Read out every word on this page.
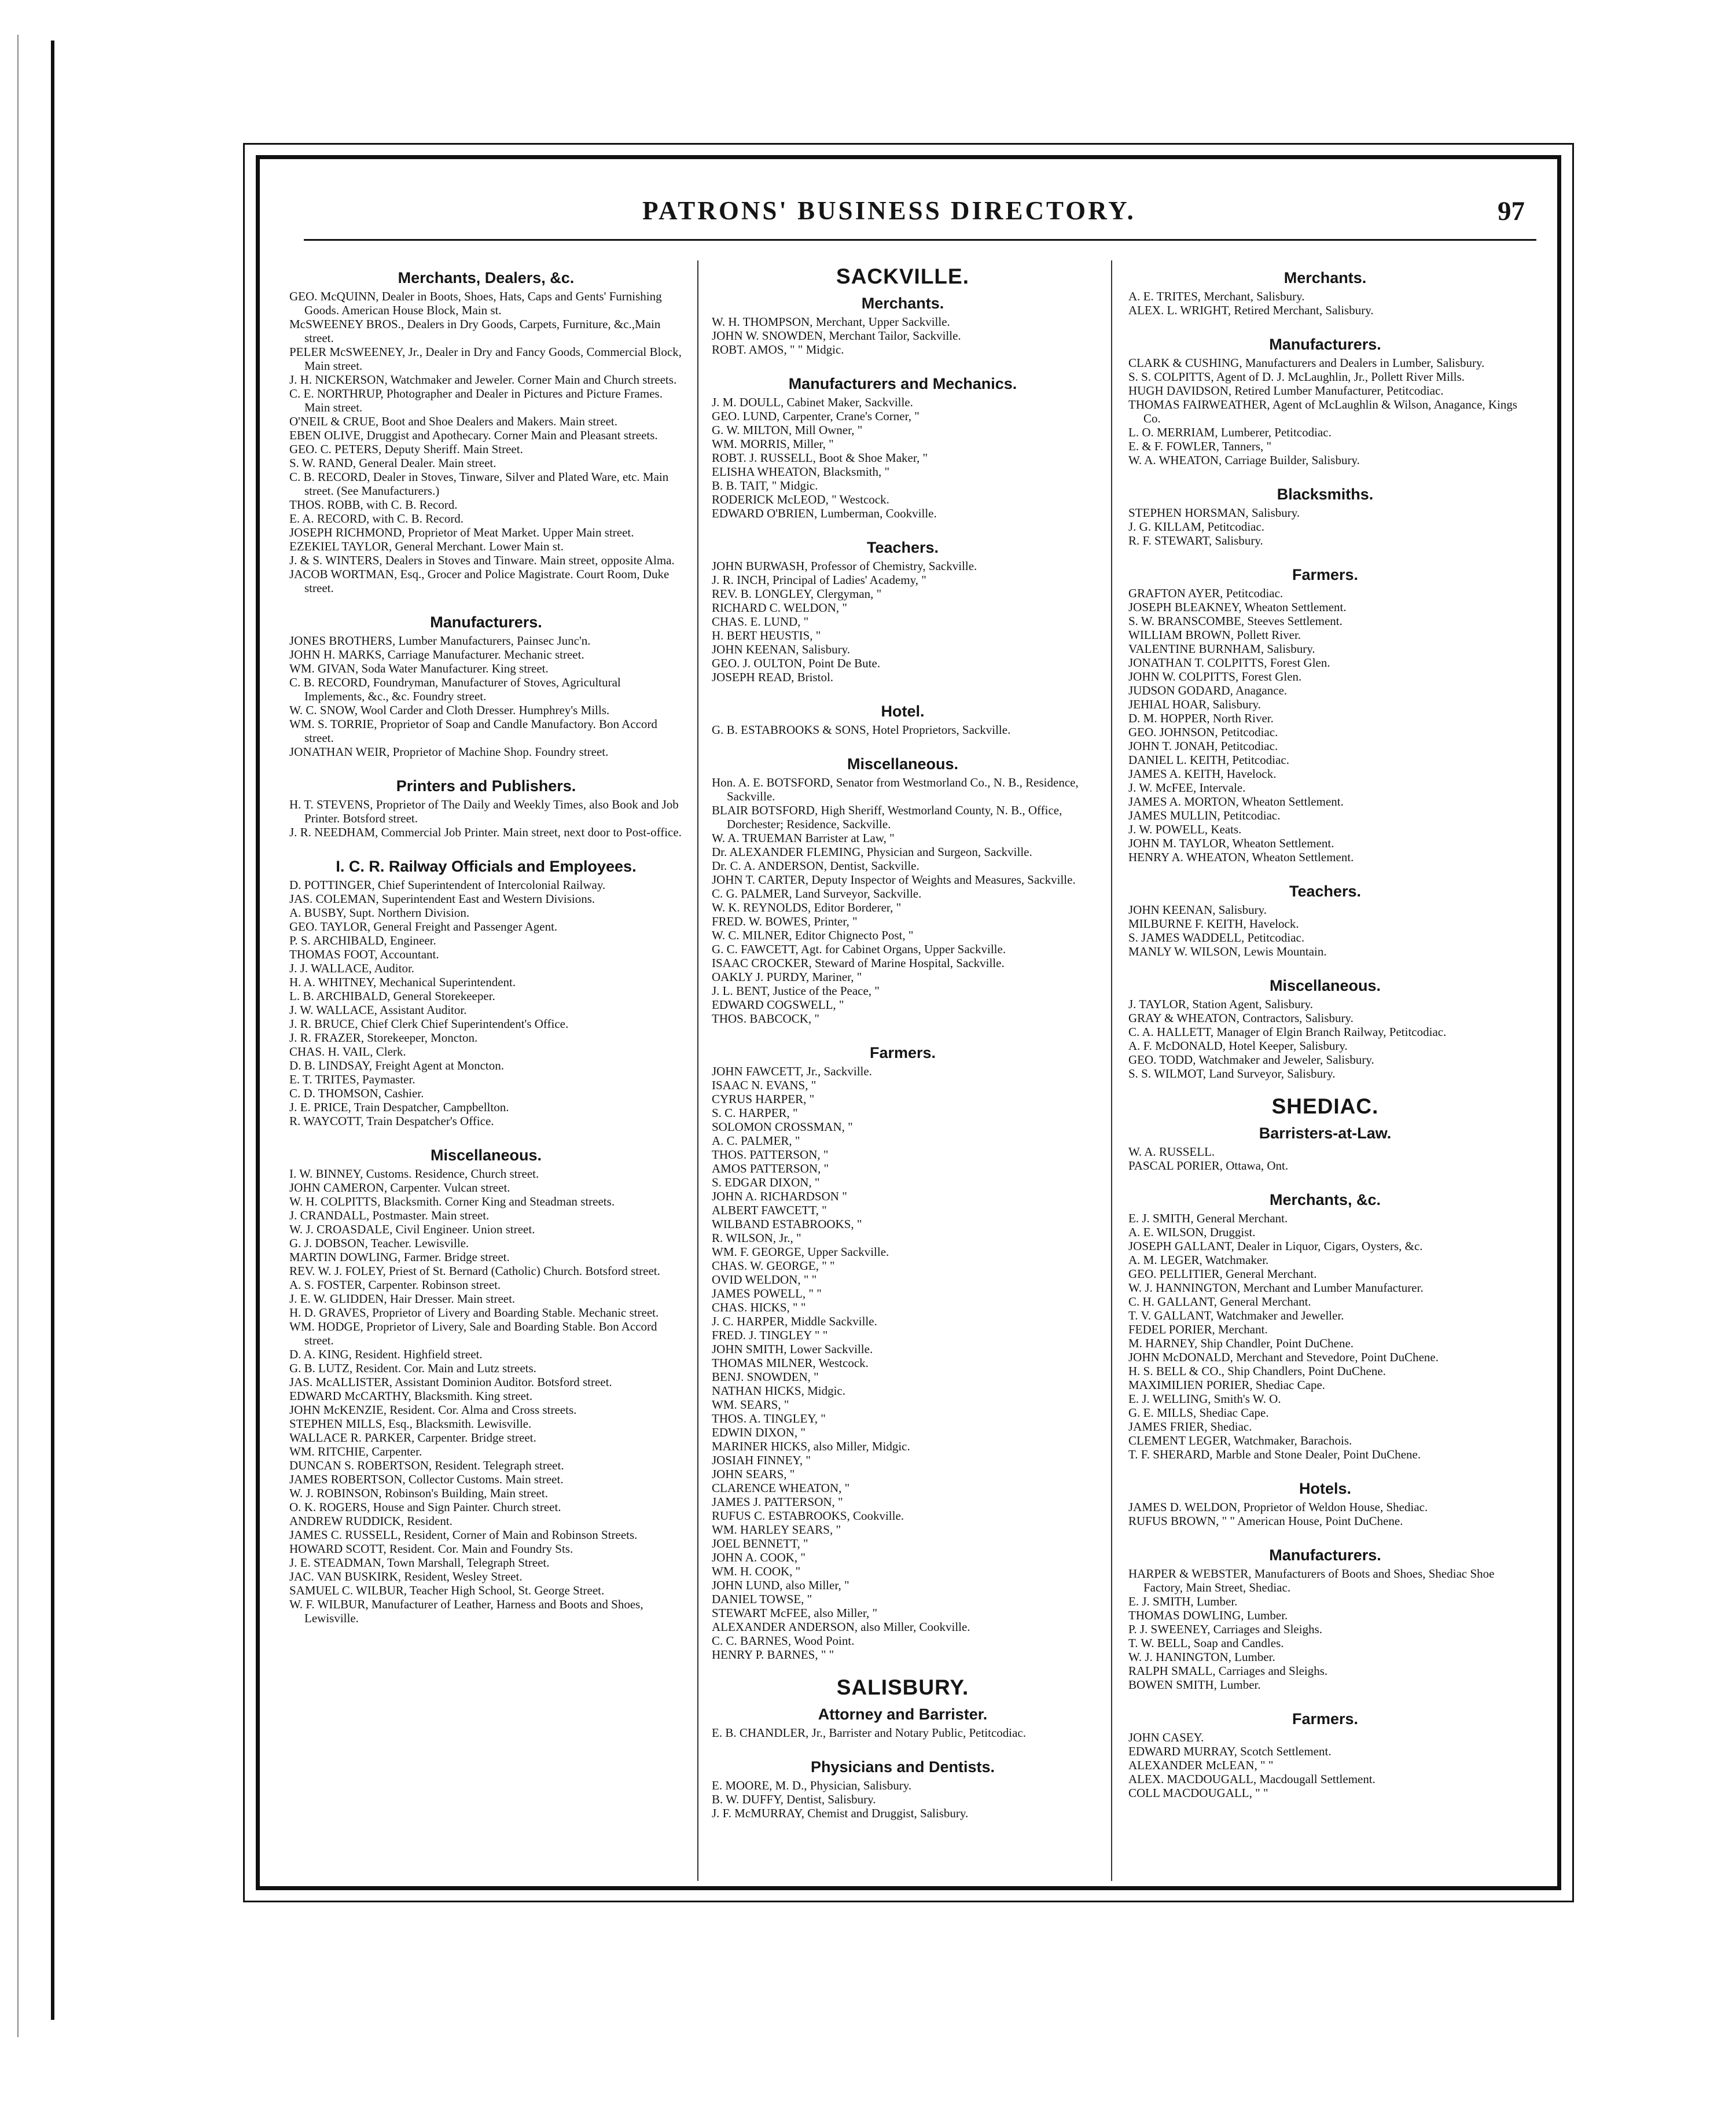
PATRONS' BUSINESS DIRECTORY.	97
Merchants, Dealers, &c.
GEO. McQUINN, Dealer in Boots, Shoes, Hats, Caps and Gents' Furnishing Goods. American House Block, Main st.
McSWEENEY BROS., Dealers in Dry Goods, Carpets, Furniture, &c.,Main street.
PELER McSWEENEY, Jr., Dealer in Dry and Fancy Goods, Commercial Block, Main street.
J. H. NICKERSON, Watchmaker and Jeweler. Corner Main and Church streets.
C. E. NORTHRUP, Photographer and Dealer in Pictures and Picture Frames. Main street.
O'NEIL & CRUE, Boot and Shoe Dealers and Makers. Main street.
EBEN OLIVE, Druggist and Apothecary. Corner Main and Pleasant streets.
GEO. C. PETERS, Deputy Sheriff. Main Street.
S. W. RAND, General Dealer. Main street.
C. B. RECORD, Dealer in Stoves, Tinware, Silver and Plated Ware, etc. Main street. (See Manufacturers.)
THOS. ROBB, with C. B. Record.
E. A. RECORD, with C. B. Record.
JOSEPH RICHMOND, Proprietor of Meat Market. Upper Main street.
EZEKIEL TAYLOR, General Merchant. Lower Main st.
J. & S. WINTERS, Dealers in Stoves and Tinware. Main street, opposite Alma.
JACOB WORTMAN, Esq., Grocer and Police Magistrate. Court Room, Duke street.
Manufacturers.
JONES BROTHERS, Lumber Manufacturers, Painsec Junc'n.
JOHN H. MARKS, Carriage Manufacturer. Mechanic street.
WM. GIVAN, Soda Water Manufacturer. King street.
C. B. RECORD, Foundryman, Manufacturer of Stoves, Agricultural Implements, &c., &c. Foundry street.
W. C. SNOW, Wool Carder and Cloth Dresser. Humphrey's Mills.
WM. S. TORRIE, Proprietor of Soap and Candle Manufactory. Bon Accord street.
JONATHAN WEIR, Proprietor of Machine Shop. Foundry street.
Printers and Publishers.
H. T. STEVENS, Proprietor of The Daily and Weekly Times, also Book and Job Printer. Botsford street.
J. R. NEEDHAM, Commercial Job Printer. Main street, next door to Post-office.
I. C. R. Railway Officials and Employees.
D. POTTINGER, Chief Superintendent of Intercolonial Railway.
JAS. COLEMAN, Superintendent East and Western Divisions.
A. BUSBY, Supt. Northern Division.
GEO. TAYLOR, General Freight and Passenger Agent.
P. S. ARCHIBALD, Engineer.
THOMAS FOOT, Accountant.
J. J. WALLACE, Auditor.
H. A. WHITNEY, Mechanical Superintendent.
L. B. ARCHIBALD, General Storekeeper.
J. W. WALLACE, Assistant Auditor.
J. R. BRUCE, Chief Clerk Chief Superintendent's Office.
J. R. FRAZER, Storekeeper, Moncton.
CHAS. H. VAIL, Clerk.
D. B. LINDSAY, Freight Agent at Moncton.
E. T. TRITES, Paymaster.
C. D. THOMSON, Cashier.
J. E. PRICE, Train Despatcher, Campbellton.
R. WAYCOTT, Train Despatcher's Office.
Miscellaneous.
I. W. BINNEY, Customs. Residence, Church street.
JOHN CAMERON, Carpenter. Vulcan street.
W. H. COLPITTS, Blacksmith. Corner King and Steadman streets.
J. CRANDALL, Postmaster. Main street.
W. J. CROASDALE, Civil Engineer. Union street.
G. J. DOBSON, Teacher. Lewisville.
MARTIN DOWLING, Farmer. Bridge street.
REV. W. J. FOLEY, Priest of St. Bernard (Catholic) Church. Botsford street.
A. S. FOSTER, Carpenter. Robinson street.
J. E. W. GLIDDEN, Hair Dresser. Main street.
H. D. GRAVES, Proprietor of Livery and Boarding Stable. Mechanic street.
WM. HODGE, Proprietor of Livery, Sale and Boarding Stable. Bon Accord street.
D. A. KING, Resident. Highfield street.
G. B. LUTZ, Resident. Cor. Main and Lutz streets.
JAS. McALLISTER, Assistant Dominion Auditor. Botsford street.
EDWARD McCARTHY, Blacksmith. King street.
JOHN McKENZIE, Resident. Cor. Alma and Cross streets.
STEPHEN MILLS, Esq., Blacksmith. Lewisville.
WALLACE R. PARKER, Carpenter. Bridge street.
WM. RITCHIE, Carpenter.
DUNCAN S. ROBERTSON, Resident. Telegraph street.
JAMES ROBERTSON, Collector Customs. Main street.
W. J. ROBINSON, Robinson's Building, Main street.
O. K. ROGERS, House and Sign Painter. Church street.
ANDREW RUDDICK, Resident.
JAMES C. RUSSELL, Resident, Corner of Main and Robinson Streets.
HOWARD SCOTT, Resident. Cor. Main and Foundry Sts.
J. E. STEADMAN, Town Marshall, Telegraph Street.
JAC. VAN BUSKIRK, Resident, Wesley Street.
SAMUEL C. WILBUR, Teacher High School, St. George Street.
W. F. WILBUR, Manufacturer of Leather, Harness and Boots and Shoes, Lewisville.
SACKVILLE.
Merchants.
W. H. THOMPSON, Merchant, Upper Sackville.
JOHN W. SNOWDEN, Merchant Tailor, Sackville.
ROBT. AMOS, " " Midgic.
Manufacturers and Mechanics.
J. M. DOULL, Cabinet Maker, Sackville.
GEO. LUND, Carpenter, Crane's Corner, "
G. W. MILTON, Mill Owner, "
WM. MORRIS, Miller, "
ROBT. J. RUSSELL, Boot & Shoe Maker, "
ELISHA WHEATON, Blacksmith, "
B. B. TAIT, " Midgic.
RODERICK McLEOD, " Westcock.
EDWARD O'BRIEN, Lumberman, Cookville.
Teachers.
JOHN BURWASH, Professor of Chemistry, Sackville.
J. R. INCH, Principal of Ladies' Academy, "
REV. B. LONGLEY, Clergyman, "
RICHARD C. WELDON, "
CHAS. E. LUND, "
H. BERT HEUSTIS, "
JOHN KEENAN, Salisbury.
GEO. J. OULTON, Point De Bute.
JOSEPH READ, Bristol.
Hotel.
G. B. ESTABROOKS & SONS, Hotel Proprietors, Sackville.
Miscellaneous.
Hon. A. E. BOTSFORD, Senator from Westmorland Co., N. B., Residence, Sackville.
BLAIR BOTSFORD, High Sheriff, Westmorland County, N. B., Office, Dorchester; Residence, Sackville.
W. A. TRUEMAN Barrister at Law, "
Dr. ALEXANDER FLEMING, Physician and Surgeon, Sackville.
Dr. C. A. ANDERSON, Dentist, Sackville.
JOHN T. CARTER, Deputy Inspector of Weights and Measures, Sackville.
C. G. PALMER, Land Surveyor, Sackville.
W. K. REYNOLDS, Editor Borderer, "
FRED. W. BOWES, Printer, "
W. C. MILNER, Editor Chignecto Post, "
G. C. FAWCETT, Agt. for Cabinet Organs, Upper Sackville.
ISAAC CROCKER, Steward of Marine Hospital, Sackville.
OAKLY J. PURDY, Mariner, "
J. L. BENT, Justice of the Peace, "
EDWARD COGSWELL, "
THOS. BABCOCK, "
Farmers.
JOHN FAWCETT, Jr., Sackville.
ISAAC N. EVANS, "
CYRUS HARPER, "
S. C. HARPER, "
SOLOMON CROSSMAN, "
A. C. PALMER, "
THOS. PATTERSON, "
AMOS PATTERSON, "
S. EDGAR DIXON, "
JOHN A. RICHARDSON "
ALBERT FAWCETT, "
WILBAND ESTABROOKS, "
R. WILSON, Jr., "
WM. F. GEORGE, Upper Sackville.
CHAS. W. GEORGE, " "
OVID WELDON, " "
JAMES POWELL, " "
CHAS. HICKS, " "
J. C. HARPER, Middle Sackville.
FRED. J. TINGLEY " "
JOHN SMITH, Lower Sackville.
THOMAS MILNER, Westcock.
BENJ. SNOWDEN, "
NATHAN HICKS, Midgic.
WM. SEARS, "
THOS. A. TINGLEY, "
EDWIN DIXON, "
MARINER HICKS, also Miller, Midgic.
JOSIAH FINNEY, "
JOHN SEARS, "
CLARENCE WHEATON, "
JAMES J. PATTERSON, "
RUFUS C. ESTABROOKS, Cookville.
WM. HARLEY SEARS, "
JOEL BENNETT, "
JOHN A. COOK, "
WM. H. COOK, "
JOHN LUND, also Miller, "
DANIEL TOWSE, "
STEWART McFEE, also Miller, "
ALEXANDER ANDERSON, also Miller, Cookville.
C. C. BARNES, Wood Point.
HENRY P. BARNES, " "
SALISBURY.
Attorney and Barrister.
E. B. CHANDLER, Jr., Barrister and Notary Public, Petitcodiac.
Physicians and Dentists.
E. MOORE, M. D., Physician, Salisbury.
B. W. DUFFY, Dentist, Salisbury.
J. F. McMURRAY, Chemist and Druggist, Salisbury.
Merchants.
A. E. TRITES, Merchant, Salisbury.
ALEX. L. WRIGHT, Retired Merchant, Salisbury.
Manufacturers.
CLARK & CUSHING, Manufacturers and Dealers in Lumber, Salisbury.
S. S. COLPITTS, Agent of D. J. McLaughlin, Jr., Pollett River Mills.
HUGH DAVIDSON, Retired Lumber Manufacturer, Petitcodiac.
THOMAS FAIRWEATHER, Agent of McLaughlin & Wilson, Anagance, Kings Co.
L. O. MERRIAM, Lumberer, Petitcodiac.
E. & F. FOWLER, Tanners, "
W. A. WHEATON, Carriage Builder, Salisbury.
Blacksmiths.
STEPHEN HORSMAN, Salisbury.
J. G. KILLAM, Petitcodiac.
R. F. STEWART, Salisbury.
Farmers.
GRAFTON AYER, Petitcodiac.
JOSEPH BLEAKNEY, Wheaton Settlement.
S. W. BRANSCOMBE, Steeves Settlement.
WILLIAM BROWN, Pollett River.
VALENTINE BURNHAM, Salisbury.
JONATHAN T. COLPITTS, Forest Glen.
JOHN W. COLPITTS, Forest Glen.
JUDSON GODARD, Anagance.
JEHIAL HOAR, Salisbury.
D. M. HOPPER, North River.
GEO. JOHNSON, Petitcodiac.
JOHN T. JONAH, Petitcodiac.
DANIEL L. KEITH, Petitcodiac.
JAMES A. KEITH, Havelock.
J. W. McFEE, Intervale.
JAMES A. MORTON, Wheaton Settlement.
JAMES MULLIN, Petitcodiac.
J. W. POWELL, Keats.
JOHN M. TAYLOR, Wheaton Settlement.
HENRY A. WHEATON, Wheaton Settlement.
Teachers.
JOHN KEENAN, Salisbury.
MILBURNE F. KEITH, Havelock.
S. JAMES WADDELL, Petitcodiac.
MANLY W. WILSON, Lewis Mountain.
Miscellaneous.
J. TAYLOR, Station Agent, Salisbury.
GRAY & WHEATON, Contractors, Salisbury.
C. A. HALLETT, Manager of Elgin Branch Railway, Petitcodiac.
A. F. McDONALD, Hotel Keeper, Salisbury.
GEO. TODD, Watchmaker and Jeweler, Salisbury.
S. S. WILMOT, Land Surveyor, Salisbury.
SHEDIAC.
Barristers-at-Law.
W. A. RUSSELL.
PASCAL PORIER, Ottawa, Ont.
Merchants, &c.
E. J. SMITH, General Merchant.
A. E. WILSON, Druggist.
JOSEPH GALLANT, Dealer in Liquor, Cigars, Oysters, &c.
A. M. LEGER, Watchmaker.
GEO. PELLITIER, General Merchant.
W. J. HANNINGTON, Merchant and Lumber Manufacturer.
C. H. GALLANT, General Merchant.
T. V. GALLANT, Watchmaker and Jeweller.
FEDEL PORIER, Merchant.
M. HARNEY, Ship Chandler, Point DuChene.
JOHN McDONALD, Merchant and Stevedore, Point DuChene.
H. S. BELL & CO., Ship Chandlers, Point DuChene.
MAXIMILIEN PORIER, Shediac Cape.
E. J. WELLING, Smith's W. O.
G. E. MILLS, Shediac Cape.
JAMES FRIER, Shediac.
CLEMENT LEGER, Watchmaker, Barachois.
T. F. SHERARD, Marble and Stone Dealer, Point DuChene.
Hotels.
JAMES D. WELDON, Proprietor of Weldon House, Shediac.
RUFUS BROWN, " " American House, Point DuChene.
Manufacturers.
HARPER & WEBSTER, Manufacturers of Boots and Shoes, Shediac Shoe Factory, Main Street, Shediac.
E. J. SMITH, Lumber.
THOMAS DOWLING, Lumber.
P. J. SWEENEY, Carriages and Sleighs.
T. W. BELL, Soap and Candles.
W. J. HANINGTON, Lumber.
RALPH SMALL, Carriages and Sleighs.
BOWEN SMITH, Lumber.
Farmers.
JOHN CASEY.
EDWARD MURRAY, Scotch Settlement.
ALEXANDER McLEAN, " "
ALEX. MACDOUGALL, Macdougall Settlement.
COLL MACDOUGALL, " "
